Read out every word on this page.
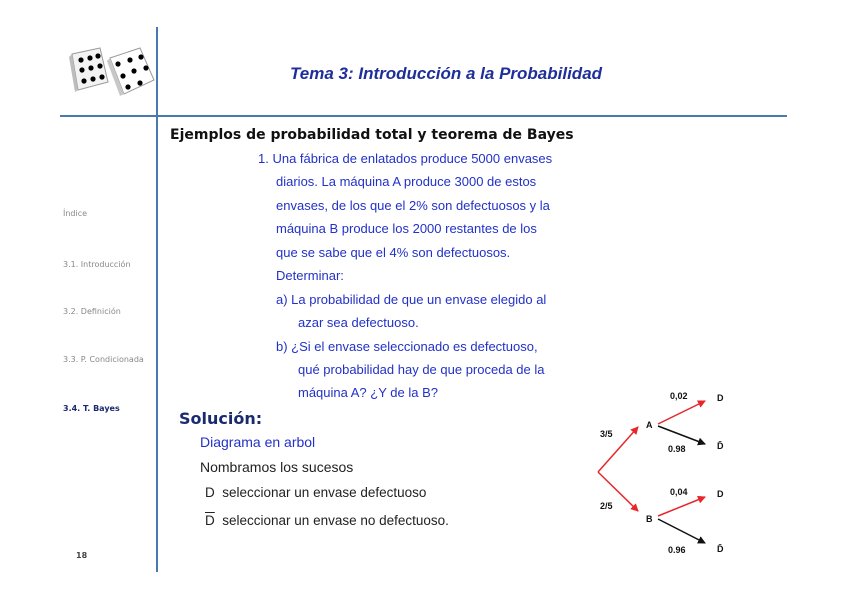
Tema 3: Introducción a la Probabilidad
Índice
3.1. Introducción
3.2. Definición
3.3. P. Condicionada
3.4. T. Bayes
18
Ejemplos de probabilidad total y teorema de Bayes
1. Una fábrica de enlatados produce 5000 envases
diarios. La máquina A produce 3000 de estos
envases, de los que el 2% son defectuosos y la
máquina B produce los 2000 restantes de los
que se sabe que el 4% son defectuosos.
Determinar:
a) La probabilidad de que un envase elegido al
azar sea defectuoso.
b) ¿Si el envase seleccionado es defectuoso,
qué probabilidad hay de que proceda de la
máquina A? ¿Y de la B?
Solución:
Diagrama en arbol
Nombramos los sucesos
D seleccionar un envase defectuoso
$\overline{D}$ seleccionar un envase no defectuoso.
A
B
3/5
2/5
D
D̄
D
D̄
0,02
0.98
0,04
0.96
